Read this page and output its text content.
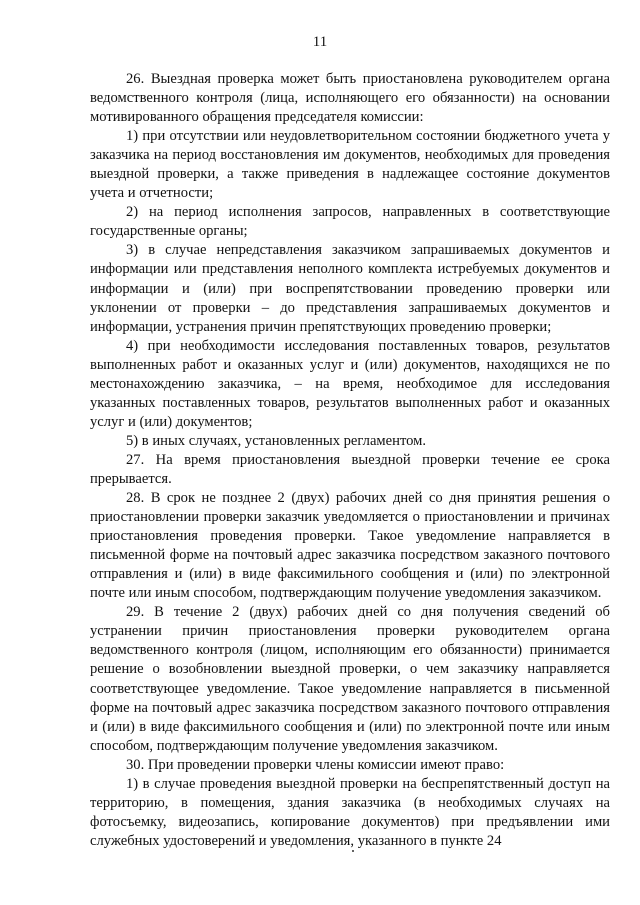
11

26. Выездная проверка может быть приостановлена руководителем органа ведомственного контроля (лица, исполняющего его обязанности) на основании мотивированного обращения председателя комиссии:

1) при отсутствии или неудовлетворительном состоянии бюджетного учета у заказчика на период восстановления им документов, необходимых для проведения выездной проверки, а также приведения в надлежащее состояние документов учета и отчетности;

2) на период исполнения запросов, направленных в соответствующие государственные органы;

3) в случае непредставления заказчиком запрашиваемых документов и информации или представления неполного комплекта истребуемых документов и информации и (или) при воспрепятствовании проведению проверки или уклонении от проверки – до представления запрашиваемых документов и информации, устранения причин препятствующих проведению проверки;

4) при необходимости исследования поставленных товаров, результатов выполненных работ и оказанных услуг и (или) документов, находящихся не по местонахождению заказчика, – на время, необходимое для исследования указанных поставленных товаров, результатов выполненных работ и оказанных услуг и (или) документов;

5) в иных случаях, установленных регламентом.

27. На время приостановления выездной проверки течение ее срока прерывается.

28. В срок не позднее 2 (двух) рабочих дней со дня принятия решения о приостановлении проверки заказчик уведомляется о приостановлении и причинах приостановления проведения проверки. Такое уведомление направляется в письменной форме на почтовый адрес заказчика посредством заказного почтового отправления и (или) в виде факсимильного сообщения и (или) по электронной почте или иным способом, подтверждающим получение уведомления заказчиком.

29. В течение 2 (двух) рабочих дней со дня получения сведений об устранении причин приостановления проверки руководителем органа ведомственного контроля (лицом, исполняющим его обязанности) принимается решение о возобновлении выездной проверки, о чем заказчику направляется соответствующее уведомление. Такое уведомление направляется в письменной форме на почтовый адрес заказчика посредством заказного почтового отправления и (или) в виде факсимильного сообщения и (или) по электронной почте или иным способом, подтверждающим получение уведомления заказчиком.

30. При проведении проверки члены комиссии имеют право:

1) в случае проведения выездной проверки на беспрепятственный доступ на территорию, в помещения, здания заказчика (в необходимых случаях на фотосъемку, видеозапись, копирование документов) при предъявлении ими служебных удостоверений и уведомления, указанного в пункте 24
